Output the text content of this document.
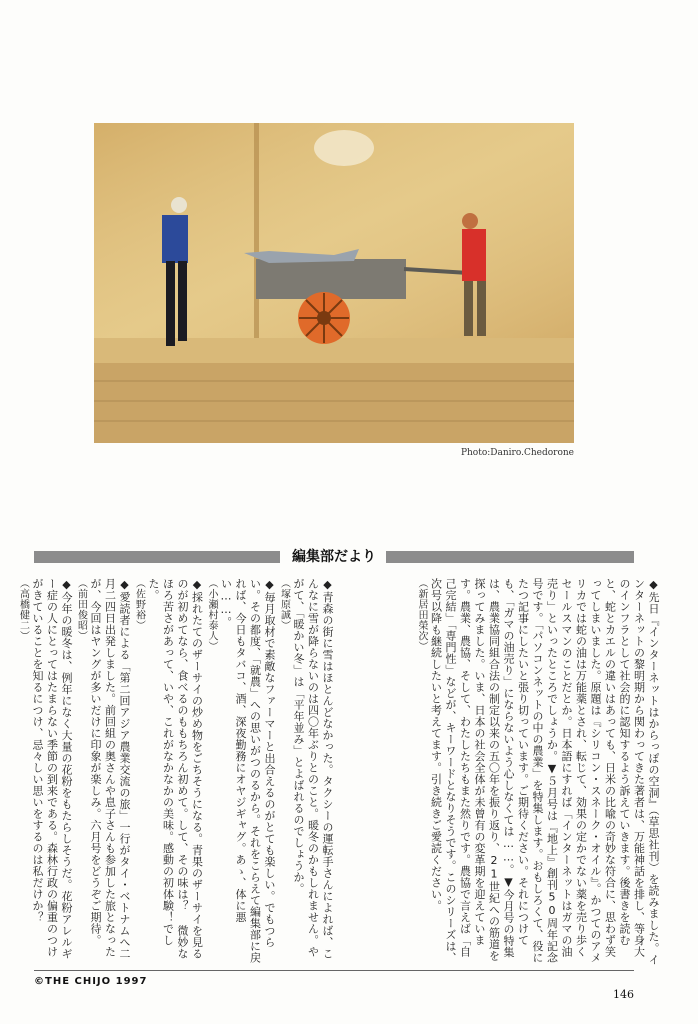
Photo:Daniro.Chedorone
編集部だより

◆先日『インターネットはからっぽの空洞』（草思社刊）を読みました。インターネットの黎明期から関わってきた著者は、万能神話を排し、等身大のインフラとして社会的に認知するよう訴えていきます。後書きを読むと、蛇とカエルの違いはあっても、日米の比喩の奇妙な符合に、思わず笑ってしまいました。原題は『シリコン・スネーク・オイル』。かつてのアメリカでは蛇の油は万能薬とされ、転じて、効果の定かでない薬を売り歩くセールスマンのことだとか。日本語にすれば「インターネットはガマの油売り」といったところでしょうか。▼５月号は『地上』創刊50周年記念号です。「パソコンネットの中の農業」を特集します。おもしろくて、役にたつ記事にしたいと張り切っています。ご期待ください。それにつけても、「ガマの油売り」にならないよう心しなくては……。▼今月号の特集は、農業協同組合法の制定以来の五〇年を振り返り、21世紀への筋道を探ってみました。いま、日本の社会全体が未曾有の変革期を迎えています。農業、農協、そして、わたしたちもまた然りです。農協で言えば「自己完結」「専門性」などが、キーワードとなりそうです。このシリーズは、次号以降も継続したいと考えてます。引き続きご愛読ください。

（新居田榮次）

◆青森の街に雪はほとんどなかった。タクシーの運転手さんによれば、こんなに雪が降らないのは四〇年ぶりとのこと。暖冬のかもしれません。やがて、「暖かい冬」は「平年並み」とよばれるのでしょうか。

（塚原誠）

◆毎月取材で素敵なファーマーと出合えるのがとても楽しい。でもつらい。その都度、「就農」への思いがつのるから。それをこらえて編集部に戻れば、今日もタバコ、酒、深夜勤務にオヤジギャグ。あゝ、体に悪い……。

（小瀬村泰人）

◆採れたてのザーサイの炒め物をごちそうになる。青果のザーサイを見るのが初めてなら、食べるのももちろん初めて。して、その味は？ 微妙なほろ苦さがあって、いや、これがなかなかの美味。感動の初体験！でした。

（佐野裕）

◆愛読者による「第二回アジア農業交流の旅」一行がタイ・ベトナムへ二月二四日出発しました。前回組の奥さんや息子さんも参加した旅となったが、今回はヤングが多いだけに印象が楽しみ。六月号をどうぞご期待。

（前田俊昭）

◆今年の暖冬は、例年になく大量の花粉をもたらしそうだ。花粉アレルギー症の人にとってはたまらない季節の到来である。森林行政の偏重のつけがきていることを知るにつけ、忌々しい思いをするのは私だけか？

（高橋健二）

©THE CHIJO 1997
146
